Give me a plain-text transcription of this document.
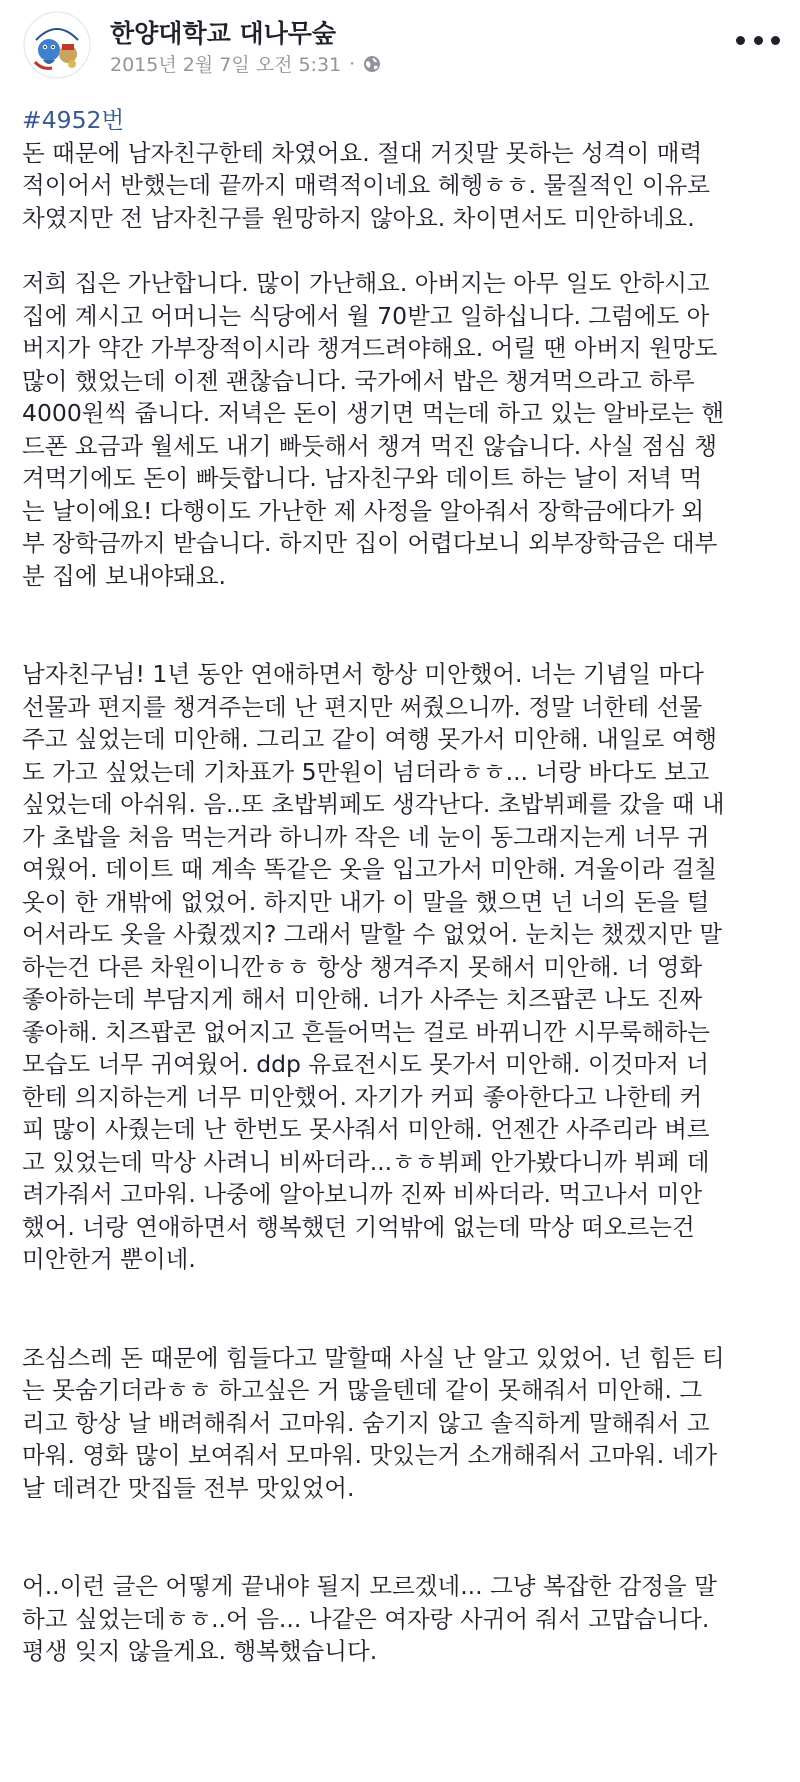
한양대학교 대나무숲
2015년 2월 7일 오전 5:31 ·
#4952번

돈 때문에 남자친구한테 차였어요. 절대 거짓말 못하는 성격이 매력
적이어서 반했는데 끝까지 매력적이네요 헤헹ㅎㅎ. 물질적인 이유로
차였지만 전 남자친구를 원망하지 않아요. 차이면서도 미안하네요.

저희 집은 가난합니다. 많이 가난해요. 아버지는 아무 일도 안하시고
집에 계시고 어머니는 식당에서 월 70받고 일하십니다. 그럼에도 아
버지가 약간 가부장적이시라 챙겨드려야해요. 어릴 땐 아버지 원망도
많이 했었는데 이젠 괜찮습니다. 국가에서 밥은 챙겨먹으라고 하루
4000원씩 줍니다. 저녁은 돈이 생기면 먹는데 하고 있는 알바로는 핸
드폰 요금과 월세도 내기 빠듯해서 챙겨 먹진 않습니다. 사실 점심 챙
겨먹기에도 돈이 빠듯합니다. 남자친구와 데이트 하는 날이 저녁 먹
는 날이에요! 다행이도 가난한 제 사정을 알아줘서 장학금에다가 외
부 장학금까지 받습니다. 하지만 집이 어렵다보니 외부장학금은 대부
분 집에 보내야돼요.

남자친구님! 1년 동안 연애하면서 항상 미안했어. 너는 기념일 마다
선물과 편지를 챙겨주는데 난 편지만 써줬으니까. 정말 너한테 선물
주고 싶었는데 미안해. 그리고 같이 여행 못가서 미안해. 내일로 여행
도 가고 싶었는데 기차표가 5만원이 넘더라ㅎㅎ... 너랑 바다도 보고
싶었는데 아쉬워. 음..또 초밥뷔페도 생각난다. 초밥뷔페를 갔을 때 내
가 초밥을 처음 먹는거라 하니까 작은 네 눈이 동그래지는게 너무 귀
여웠어. 데이트 때 계속 똑같은 옷을 입고가서 미안해. 겨울이라 걸칠
옷이 한 개밖에 없었어. 하지만 내가 이 말을 했으면 넌 너의 돈을 털
어서라도 옷을 사줬겠지? 그래서 말할 수 없었어. 눈치는 챘겠지만 말
하는건 다른 차원이니깐ㅎㅎ 항상 챙겨주지 못해서 미안해. 너 영화
좋아하는데 부담지게 해서 미안해. 너가 사주는 치즈팝콘 나도 진짜
좋아해. 치즈팝콘 없어지고 흔들어먹는 걸로 바뀌니깐 시무룩해하는
모습도 너무 귀여웠어. ddp 유료전시도 못가서 미안해. 이것마저 너
한테 의지하는게 너무 미안했어. 자기가 커피 좋아한다고 나한테 커
피 많이 사줬는데 난 한번도 못사줘서 미안해. 언젠간 사주리라 벼르
고 있었는데 막상 사려니 비싸더라...ㅎㅎ뷔페 안가봤다니까 뷔페 데
려가줘서 고마워. 나중에 알아보니까 진짜 비싸더라. 먹고나서 미안
했어. 너랑 연애하면서 행복했던 기억밖에 없는데 막상 떠오르는건
미안한거 뿐이네.

조심스레 돈 때문에 힘들다고 말할때 사실 난 알고 있었어. 넌 힘든 티
는 못숨기더라ㅎㅎ 하고싶은 거 많을텐데 같이 못해줘서 미안해. 그
리고 항상 날 배려해줘서 고마워. 숨기지 않고 솔직하게 말해줘서 고
마워. 영화 많이 보여줘서 모마워. 맛있는거 소개해줘서 고마워. 네가
날 데려간 맛집들 전부 맛있었어.

어..이런 글은 어떻게 끝내야 될지 모르겠네... 그냥 복잡한 감정을 말
하고 싶었는데ㅎㅎ..어 음... 나같은 여자랑 사귀어 줘서 고맙습니다.
평생 잊지 않을게요. 행복했습니다.
